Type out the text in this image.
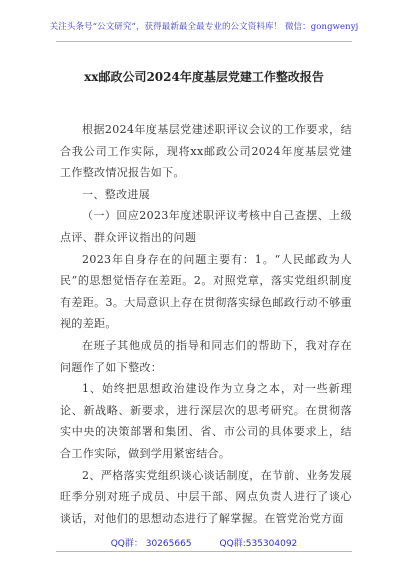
关注头条号“公文研究”，获得最新最全最专业的公文资料库！ 微信：gongwenyj
xx邮政公司2024年度基层党建工作整改报告

根据2024年度基层党建述职评议会议的工作要求，结合我公司工作实际，现将xx邮政公司2024年度基层党建工作整改情况报告如下。

一、整改进展

（一）回应2023年度述职评议考核中自己查摆、上级点评、群众评议指出的问题

2023年自身存在的问题主要有：1。“人民邮政为人民”的思想觉悟存在差距。2。对照党章，落实党组织制度有差距。3。大局意识上存在贯彻落实绿色邮政行动不够重视的差距。

在班子其他成员的指导和同志们的帮助下，我对存在问题作了如下整改：

1、始终把思想政治建设作为立身之本，对一些新理论、新战略、新要求，进行深层次的思考研究。在贯彻落实中央的决策部署和集团、省、市公司的具体要求上，结合工作实际，做到学用紧密结合。

2、严格落实党组织谈心谈话制度，在节前、业务发展旺季分别对班子成员、中层干部、网点负责人进行了谈心谈话，对他们的思想动态进行了解掌握。在管党治党方面

QQ群： 30265665	QQ群:535304092
